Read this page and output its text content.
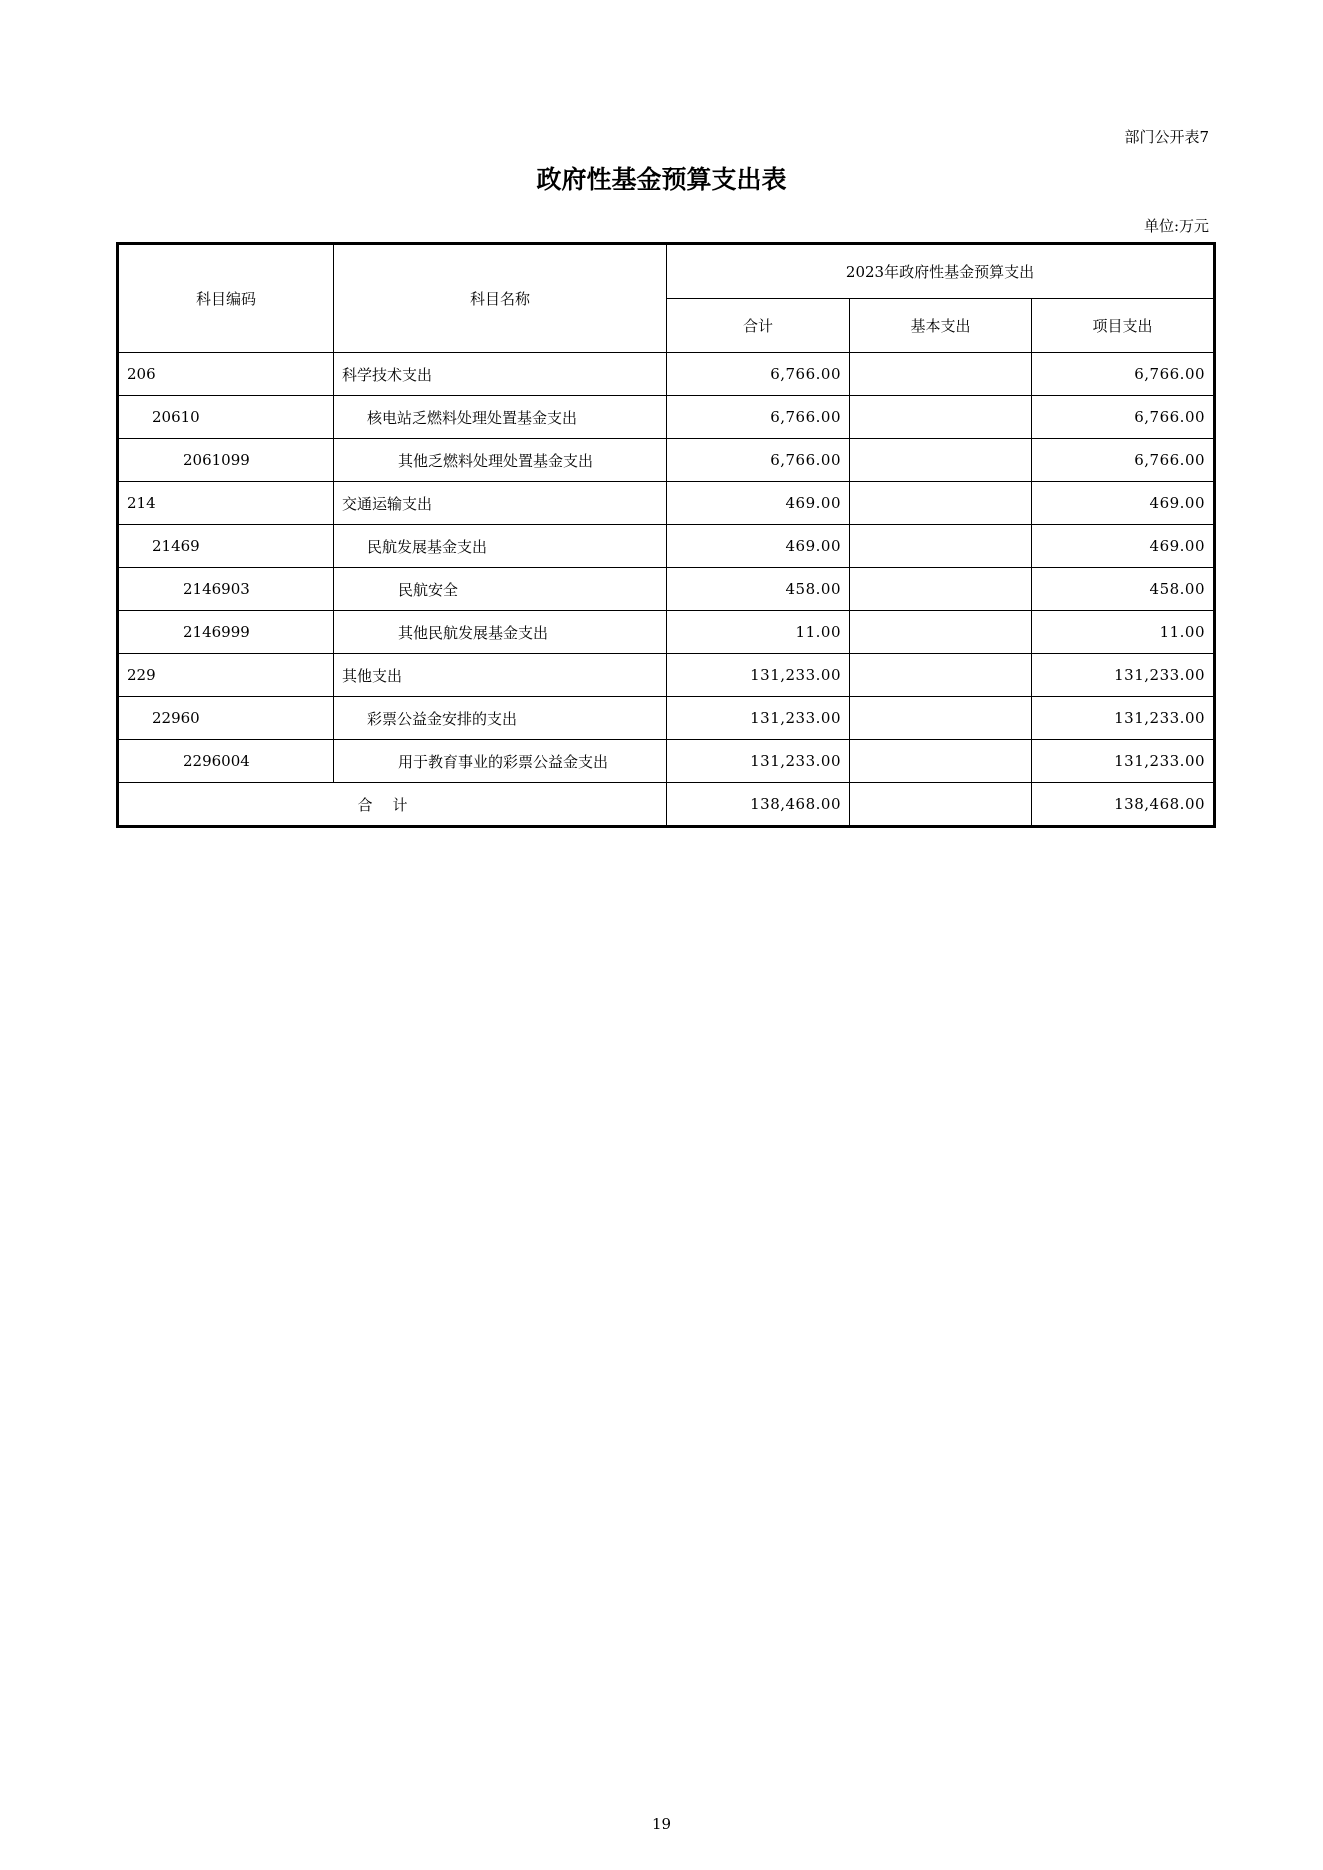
部门公开表7
政府性基金预算支出表
单位:万元
科目编码	科目名称	2023年政府性基金预算支出		
		合计	基本支出	项目支出
206	科学技术支出	6,766.00		6,766.00
20610	核电站乏燃料处理处置基金支出	6,766.00		6,766.00
2061099	其他乏燃料处理处置基金支出	6,766.00		6,766.00
214	交通运输支出	469.00		469.00
21469	民航发展基金支出	469.00		469.00
2146903	民航安全	458.00		458.00
2146999	其他民航发展基金支出	11.00		11.00
229	其他支出	131,233.00		131,233.00
22960	彩票公益金安排的支出	131,233.00		131,233.00
2296004	用于教育事业的彩票公益金支出	131,233.00		131,233.00
合计		138,468.00		138,468.00
19
